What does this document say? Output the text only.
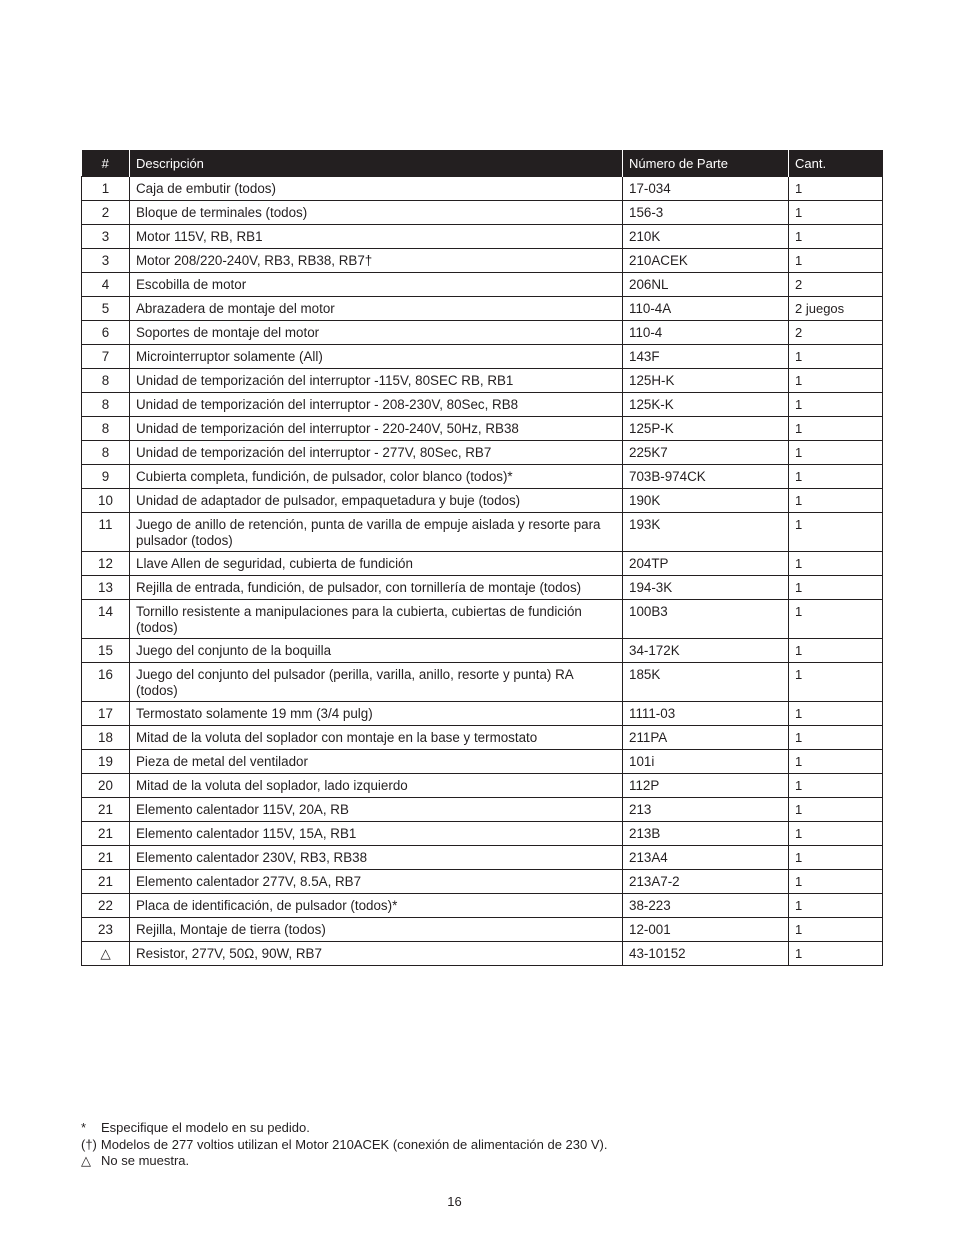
#	Descripción	Número de Parte	Cant.
1	Caja de embutir (todos)	17-034	1
2	Bloque de terminales (todos)	156-3	1
3	Motor 115V, RB, RB1	210K	1
3	Motor 208/220-240V, RB3, RB38, RB7†	210ACEK	1
4	Escobilla de motor	206NL	2
5	Abrazadera de montaje del motor	110-4A	2 juegos
6	Soportes de montaje del motor	110-4	2
7	Microinterruptor solamente (All)	143F	1
8	Unidad de temporización del interruptor -115V, 80SEC RB, RB1	125H-K	1
8	Unidad de temporización del interruptor - 208-230V, 80Sec, RB8	125K-K	1
8	Unidad de temporización del interruptor - 220-240V, 50Hz, RB38	125P-K	1
8	Unidad de temporización del interruptor - 277V, 80Sec, RB7	225K7	1
9	Cubierta completa, fundición, de pulsador, color blanco (todos)*	703B-974CK	1
10	Unidad de adaptador de pulsador, empaquetadura y buje (todos)	190K	1
11	Juego de anillo de retención, punta de varilla de empuje aislada y resorte para pulsador (todos)	193K	1
12	Llave Allen de seguridad, cubierta de fundición	204TP	1
13	Rejilla de entrada, fundición, de pulsador, con tornillería de montaje (todos)	194-3K	1
14	Tornillo resistente a manipulaciones para la cubierta, cubiertas de fundición (todos)	100B3	1
15	Juego del conjunto de la boquilla	34-172K	1
16	Juego del conjunto del pulsador (perilla, varilla, anillo, resorte y punta) RA (todos)	185K	1
17	Termostato solamente 19 mm (3/4 pulg)	1111-03	1
18	Mitad de la voluta del soplador con montaje en la base y termostato	211PA	1
19	Pieza de metal del ventilador	101i	1
20	Mitad de la voluta del soplador, lado izquierdo	112P	1
21	Elemento calentador 115V, 20A, RB	213	1
21	Elemento calentador 115V, 15A, RB1	213B	1
21	Elemento calentador 230V, RB3, RB38	213A4	1
21	Elemento calentador 277V, 8.5A, RB7	213A7-2	1
22	Placa de identificación, de pulsador (todos)*	38-223	1
23	Rejilla, Montaje de tierra (todos)	12-001	1
△	Resistor, 277V, 50Ω, 90W, RB7	43-10152	1
* Especifique el modelo en su pedido.
(†) Modelos de 277 voltios utilizan el Motor 210ACEK (conexión de alimentación de 230 V).
△ No se muestra.
16
